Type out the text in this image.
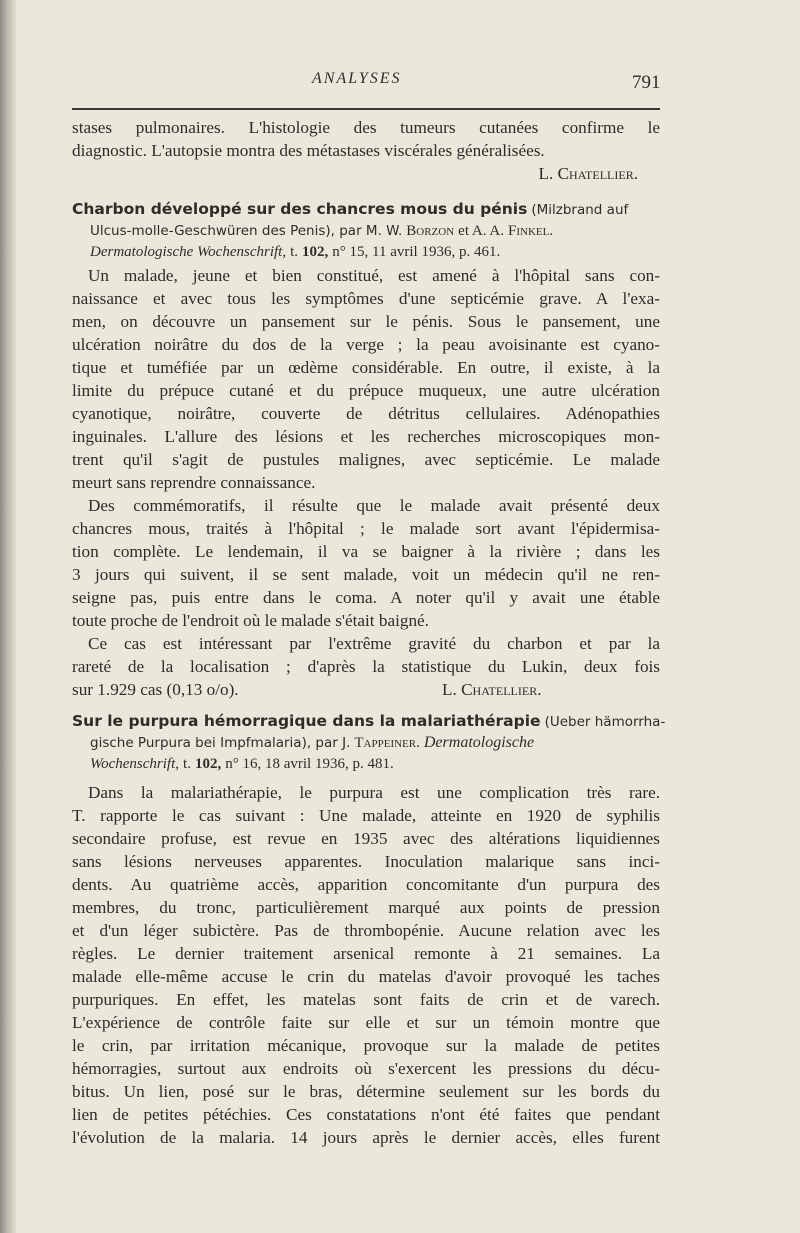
ANALYSES	791
stases pulmonaires. L'histologie des tumeurs cutanées confirme le
diagnostic. L'autopsie montra des métastases viscérales généralisées.
L. Chatellier.
Charbon développé sur des chancres mous du pénis (Milzbrand auf
Ulcus-molle-Geschwüren des Penis), par M. W. Borzon et A. A. Finkel.
Dermatologische Wochenschrift, t. 102, n° 15, 11 avril 1936, p. 461.
Un malade, jeune et bien constitué, est amené à l'hôpital sans con-
naissance et avec tous les symptômes d'une septicémie grave. A l'exa-
men, on découvre un pansement sur le pénis. Sous le pansement, une
ulcération noirâtre du dos de la verge ; la peau avoisinante est cyano-
tique et tuméfiée par un œdème considérable. En outre, il existe, à la
limite du prépuce cutané et du prépuce muqueux, une autre ulcération
cyanotique, noirâtre, couverte de détritus cellulaires. Adénopathies
inguinales. L'allure des lésions et les recherches microscopiques mon-
trent qu'il s'agit de pustules malignes, avec septicémie. Le malade
meurt sans reprendre connaissance.
Des commémoratifs, il résulte que le malade avait présenté deux
chancres mous, traités à l'hôpital ; le malade sort avant l'épidermisa-
tion complète. Le lendemain, il va se baigner à la rivière ; dans les
3 jours qui suivent, il se sent malade, voit un médecin qu'il ne ren-
seigne pas, puis entre dans le coma. A noter qu'il y avait une étable
toute proche de l'endroit où le malade s'était baigné.
Ce cas est intéressant par l'extrême gravité du charbon et par la
rareté de la localisation ; d'après la statistique du Lukin, deux fois
sur 1.929 cas (0,13 o/o).	L. Chatellier.
Sur le purpura hémorragique dans la malariathérapie (Ueber hämorrha-
gische Purpura bei Impfmalaria), par J. Tappeiner. Dermatologische
Wochenschrift, t. 102, n° 16, 18 avril 1936, p. 481.
Dans la malariathérapie, le purpura est une complication très rare.
T. rapporte le cas suivant : Une malade, atteinte en 1920 de syphilis
secondaire profuse, est revue en 1935 avec des altérations liquidiennes
sans lésions nerveuses apparentes. Inoculation malarique sans inci-
dents. Au quatrième accès, apparition concomitante d'un purpura des
membres, du tronc, particulièrement marqué aux points de pression
et d'un léger subictère. Pas de thrombopénie. Aucune relation avec les
règles. Le dernier traitement arsenical remonte à 21 semaines. La
malade elle-même accuse le crin du matelas d'avoir provoqué les taches
purpuriques. En effet, les matelas sont faits de crin et de varech.
L'expérience de contrôle faite sur elle et sur un témoin montre que
le crin, par irritation mécanique, provoque sur la malade de petites
hémorragies, surtout aux endroits où s'exercent les pressions du décu-
bitus. Un lien, posé sur le bras, détermine seulement sur les bords du
lien de petites pétéchies. Ces constatations n'ont été faites que pendant
l'évolution de la malaria. 14 jours après le dernier accès, elles furent
